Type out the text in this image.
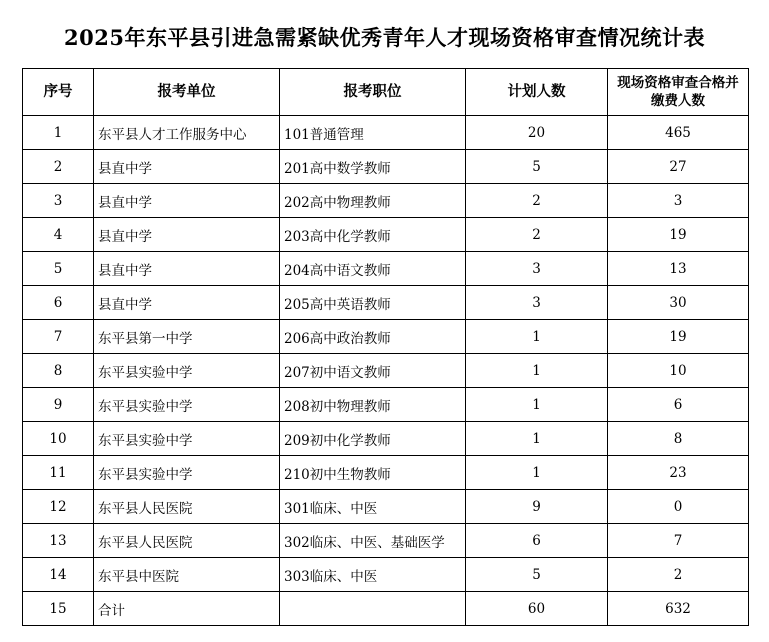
2025年东平县引进急需紧缺优秀青年人才现场资格审查情况统计表
序号	报考单位	报考职位	计划人数	现场资格审查合格并缴费人数
1	东平县人才工作服务中心	101普通管理	20	465
2	县直中学	201高中数学教师	5	27
3	县直中学	202高中物理教师	2	3
4	县直中学	203高中化学教师	2	19
5	县直中学	204高中语文教师	3	13
6	县直中学	205高中英语教师	3	30
7	东平县第一中学	206高中政治教师	1	19
8	东平县实验中学	207初中语文教师	1	10
9	东平县实验中学	208初中物理教师	1	6
10	东平县实验中学	209初中化学教师	1	8
11	东平县实验中学	210初中生物教师	1	23
12	东平县人民医院	301临床、中医	9	0
13	东平县人民医院	302临床、中医、基础医学	6	7
14	东平县中医院	303临床、中医	5	2
15	合计		60	632
